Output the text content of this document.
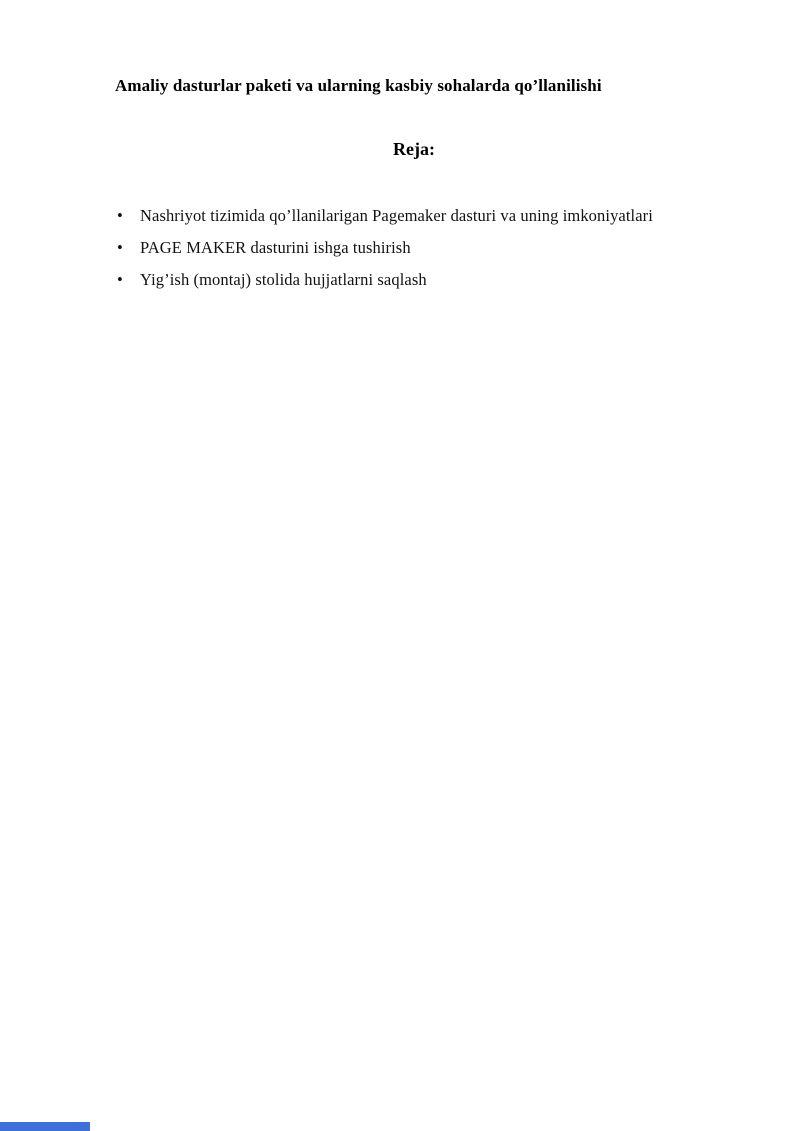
Amaliy dasturlar paketi va ularning kasbiy sohalarda qo’llanilishi
Reja:
• Nashriyot tizimida qo’llanilarigan Pagemaker dasturi va uning imkoniyatlari
• PAGE MAKER dasturini ishga tushirish
• Yig’ish (montaj) stolida hujjatlarni saqlash
